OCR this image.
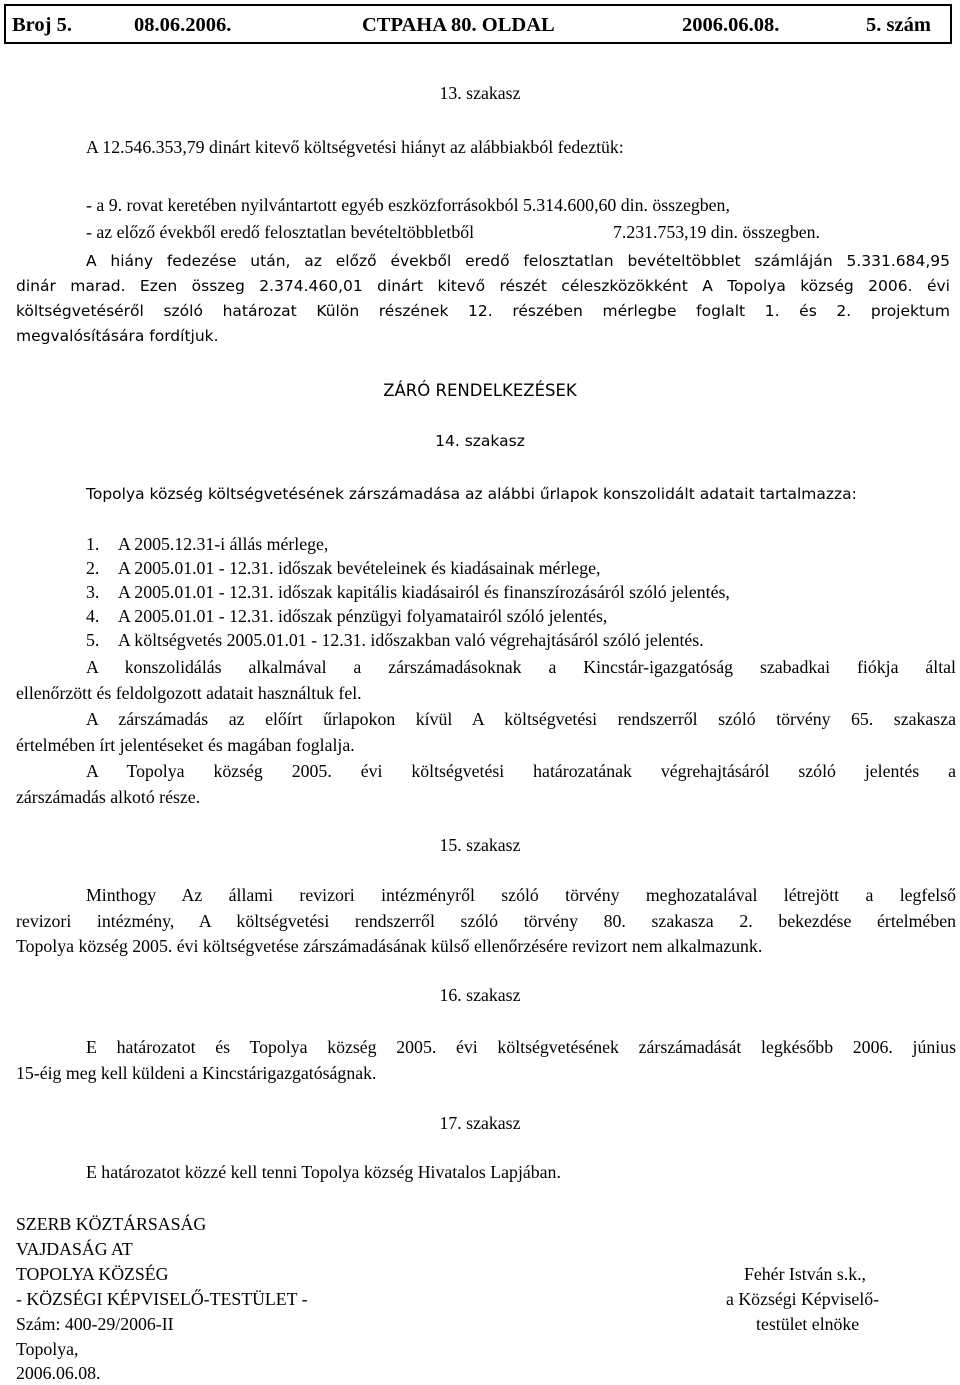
Broj 5.	08.06.2006.	CTPAHA 80. OLDAL	2006.06.08.	5. szám
13. szakasz
A 12.546.353,79 dinárt kitevő költségvetési hiányt az alábbiakból fedeztük:
- a 9. rovat keretében nyilvántartott egyéb eszközforrásokból 5.314.600,60 din. összegben,
- az előző évekből eredő felosztatlan bevételtöbbletből	7.231.753,19 din. összegben.
A hiány fedezése után, az előző évekből eredő felosztatlan bevételtöbblet számláján 5.331.684,95
dinár marad. Ezen összeg 2.374.460,01 dinárt kitevő részét céleszközökként A Topolya község 2006. évi
költségvetéséről szóló határozat Külön részének 12. részében mérlegbe foglalt 1. és 2. projektum
megvalósítására fordítjuk.
ZÁRÓ RENDELKEZÉSEK
14. szakasz
Topolya község költségvetésének zárszámadása az alábbi űrlapok konszolidált adatait tartalmazza:
1. A 2005.12.31-i állás mérlege,
2. A 2005.01.01 - 12.31. időszak bevételeinek és kiadásainak mérlege,
3. A 2005.01.01 - 12.31. időszak kapitális kiadásairól és finanszírozásáról szóló jelentés,
4. A 2005.01.01 - 12.31. időszak pénzügyi folyamatairól szóló jelentés,
5. A költségvetés 2005.01.01 - 12.31. időszakban való végrehajtásáról szóló jelentés.
A konszolidálás alkalmával a zárszámadásoknak a Kincstár-igazgatóság szabadkai fiókja által
ellenőrzött és feldolgozott adatait használtuk fel.
A zárszámadás az előírt űrlapokon kívül A költségvetési rendszerről szóló törvény 65. szakasza
értelmében írt jelentéseket és magában foglalja.
A Topolya község 2005. évi költségvetési határozatának végrehajtásáról szóló jelentés a
zárszámadás alkotó része.
15. szakasz
Minthogy Az állami revizori intézményről szóló törvény meghozatalával létrejött a legfelső
revizori intézmény, A költségvetési rendszerről szóló törvény 80. szakasza 2. bekezdése értelmében
Topolya község 2005. évi költségvetése zárszámadásának külső ellenőrzésére revizort nem alkalmazunk.
16. szakasz
E határozatot és Topolya község 2005. évi költségvetésének zárszámadását legkésőbb 2006. június
15-éig meg kell küldeni a Kincstárigazgatóságnak.
17. szakasz
E határozatot közzé kell tenni Topolya község Hivatalos Lapjában.
SZERB KÖZTÁRSASÁG
VAJDASÁG AT
TOPOLYA KÖZSÉG
- KÖZSÉGI KÉPVISELŐ-TESTÜLET -
Szám: 400-29/2006-II
Topolya,
2006.06.08.
Fehér István s.k.,
a Községi Képviselő-
testület elnöke
